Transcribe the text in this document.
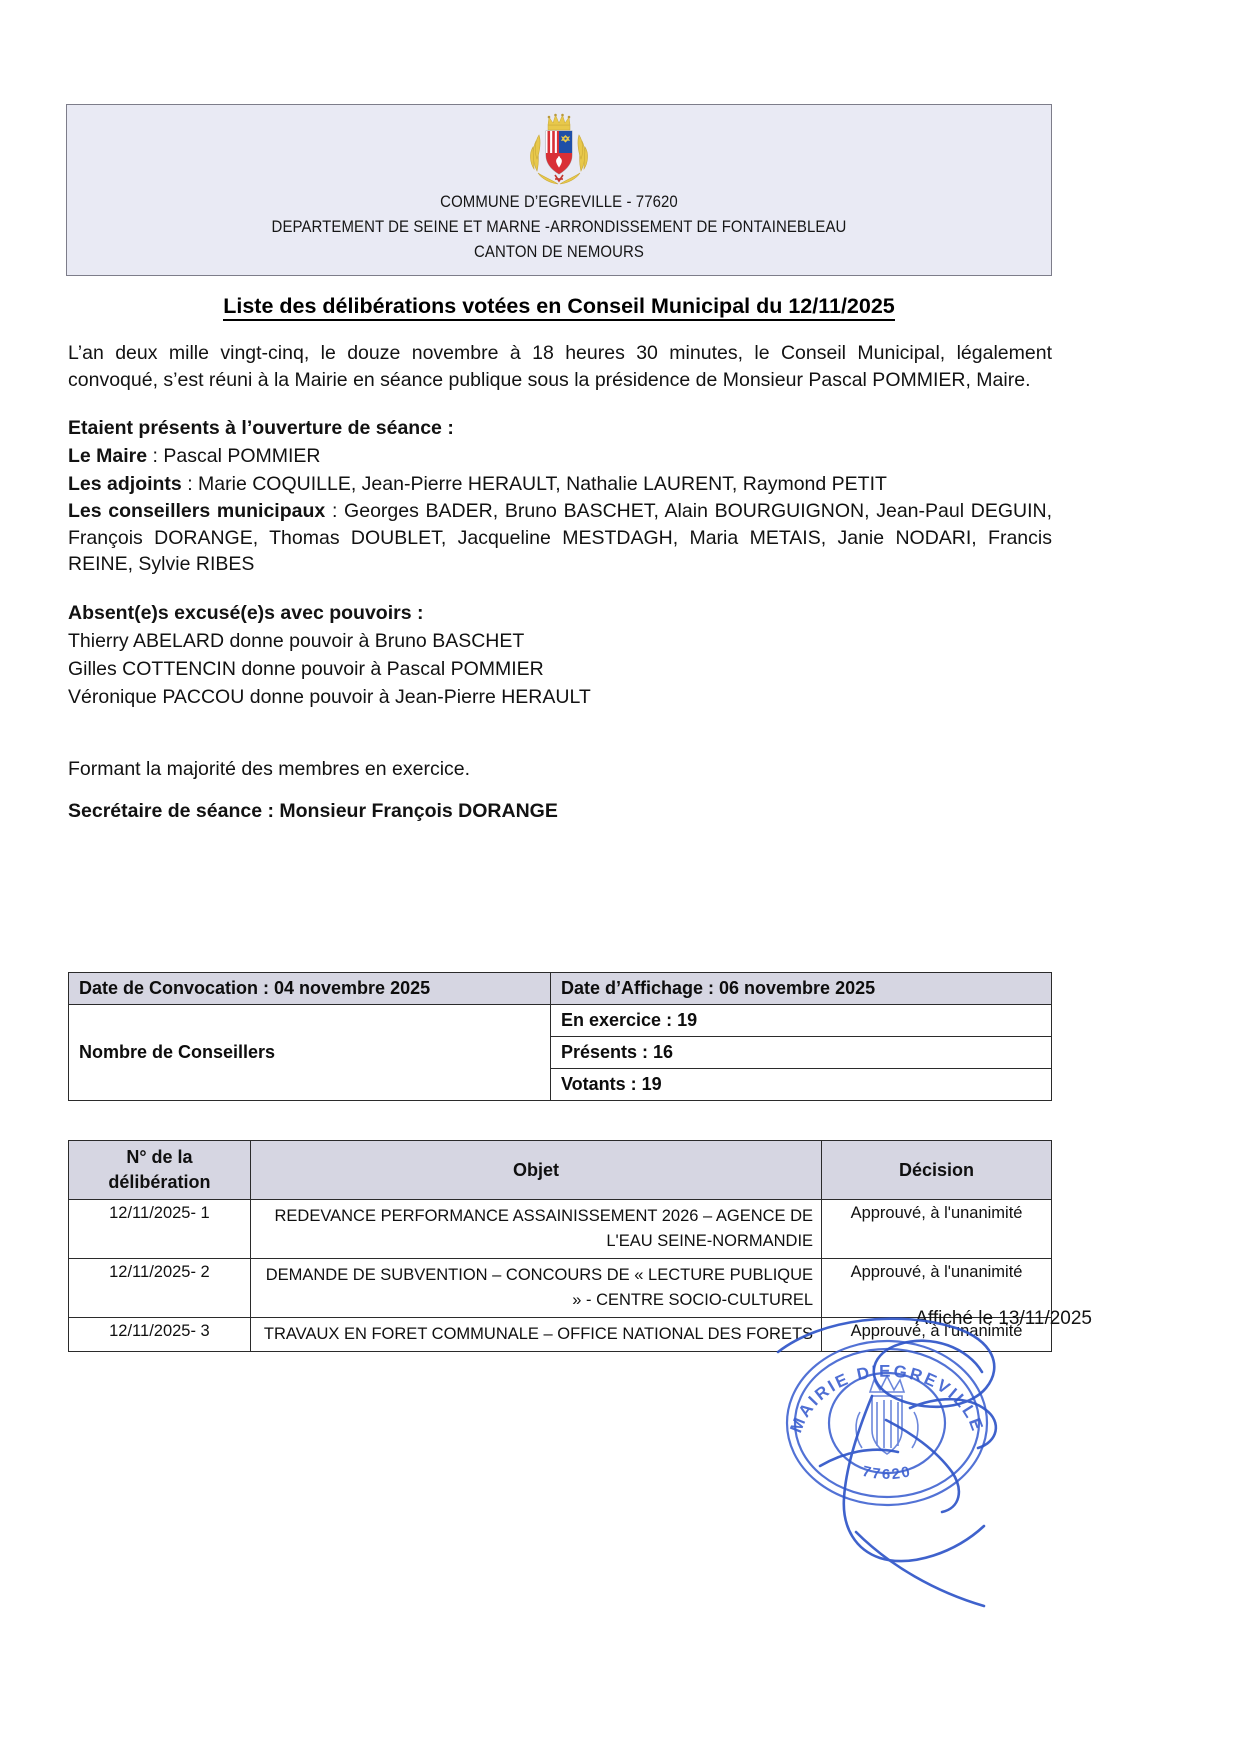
COMMUNE D’EGREVILLE - 77620
DEPARTEMENT DE SEINE ET MARNE -ARRONDISSEMENT DE FONTAINEBLEAU
CANTON DE NEMOURS
Liste des délibérations votées en Conseil Municipal du 12/11/2025

L’an deux mille vingt-cinq, le douze novembre à 18 heures 30 minutes, le Conseil Municipal, légalement convoqué, s’est réuni à la Mairie en séance publique sous la présidence de Monsieur Pascal POMMIER, Maire.

Etaient présents à l’ouverture de séance :
Le Maire : Pascal POMMIER
Les adjoints : Marie COQUILLE, Jean-Pierre HERAULT, Nathalie LAURENT, Raymond PETIT

Les conseillers municipaux : Georges BADER, Bruno BASCHET, Alain BOURGUIGNON, Jean-Paul DEGUIN, François DORANGE, Thomas DOUBLET, Jacqueline MESTDAGH, Maria METAIS, Janie NODARI, Francis REINE, Sylvie RIBES

Absent(e)s excusé(e)s avec pouvoirs :
Thierry ABELARD donne pouvoir à Bruno BASCHET
Gilles COTTENCIN donne pouvoir à Pascal POMMIER
Véronique PACCOU donne pouvoir à Jean-Pierre HERAULT
Formant la majorité des membres en exercice.
Secrétaire de séance : Monsieur François DORANGE
Date de Convocation : 04 novembre 2025	Date d’Affichage : 06 novembre 2025
Nombre de Conseillers	En exercice : 19
	Présents : 16
	Votants : 19
N° de la
délibération	Objet	Décision
12/11/2025- 1	REDEVANCE PERFORMANCE ASSAINISSEMENT 2026 – AGENCE DE L'EAU SEINE-NORMANDIE	Approuvé, à l'unanimité
12/11/2025- 2	DEMANDE DE SUBVENTION – CONCOURS DE « LECTURE PUBLIQUE » - CENTRE SOCIO-CULTUREL	Approuvé, à l'unanimité
12/11/2025- 3	TRAVAUX EN FORET COMMUNALE – OFFICE NATIONAL DES FORETS	Approuvé, à l'unanimité
Affiché le 13/11/2025
MAIRIE D'EGREVILLE
77620
